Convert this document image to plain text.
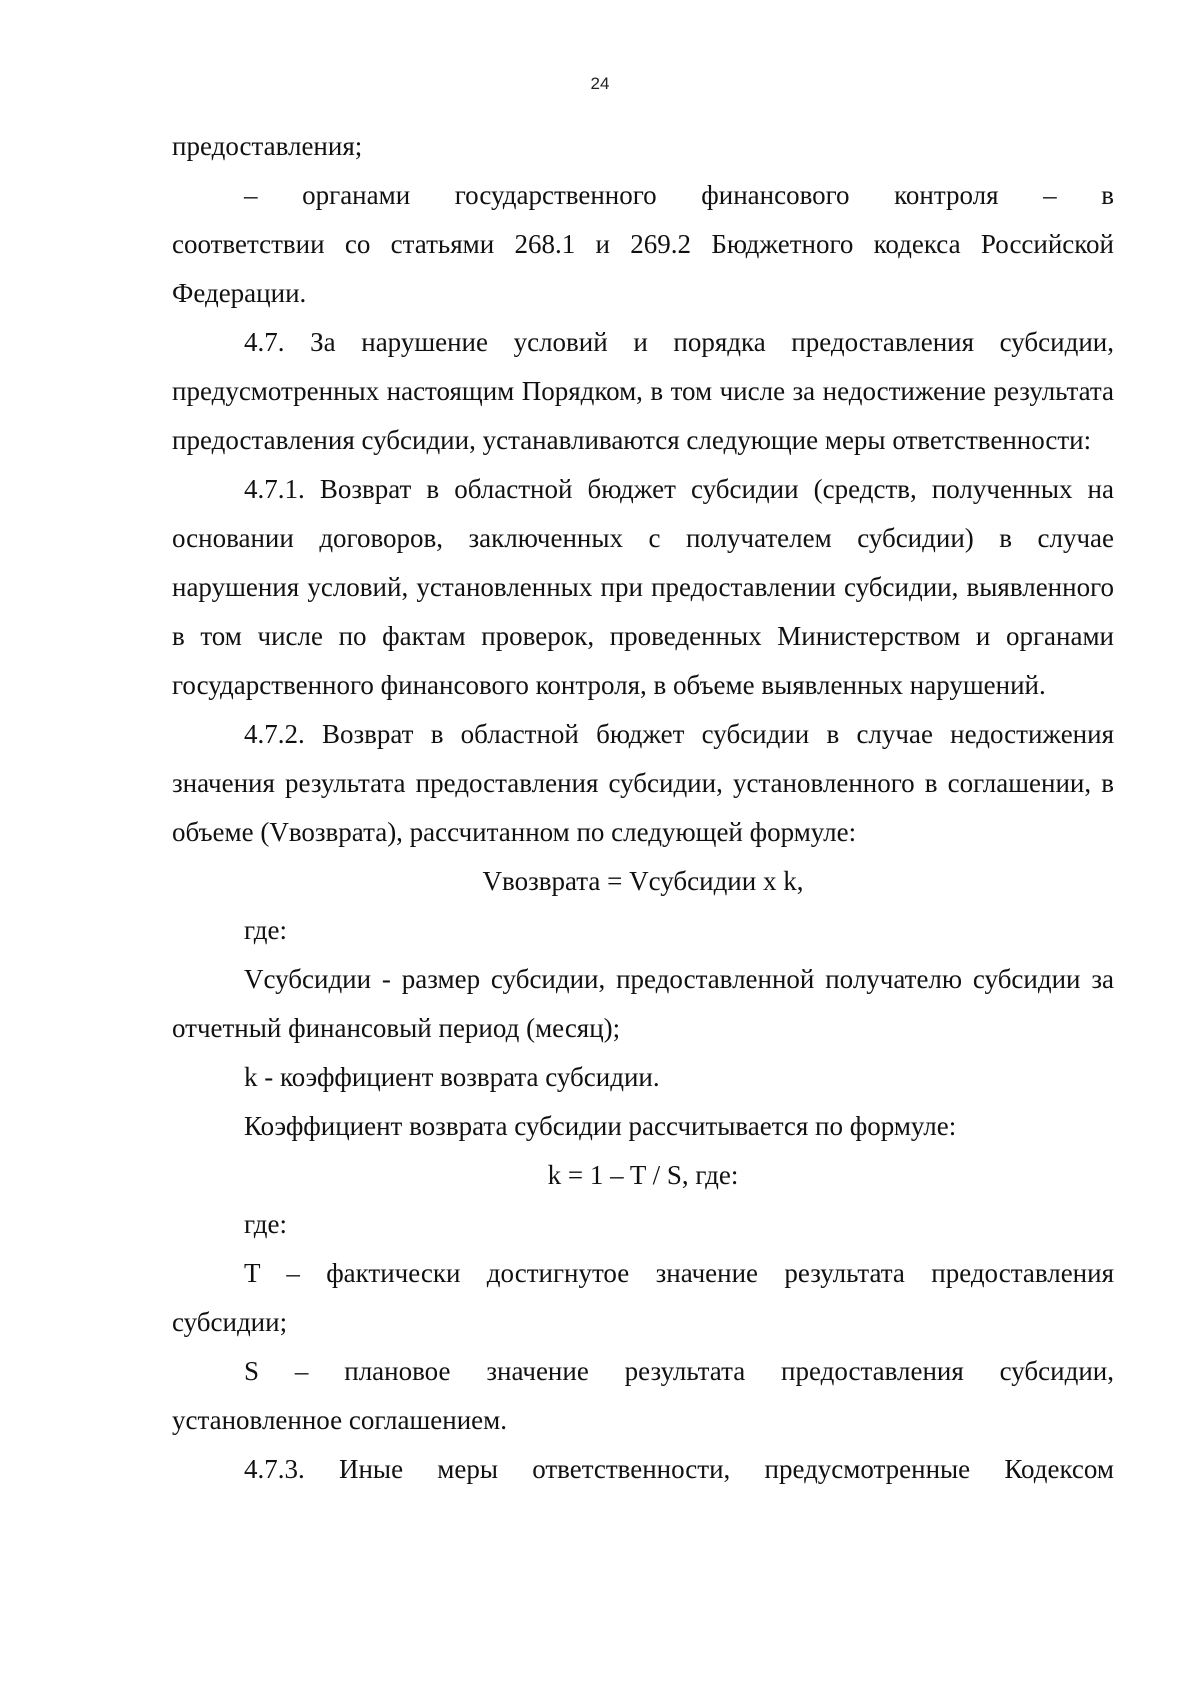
24

предоставления;

– органами государственного финансового контроля – в

соответствии со статьями 268.1 и 269.2 Бюджетного кодекса Российской Федерации.

4.7. За нарушение условий и порядка предоставления субсидии, предусмотренных настоящим Порядком, в том числе за недостижение результата предоставления субсидии, устанавливаются следующие меры ответственности:

4.7.1. Возврат в областной бюджет субсидии (средств, полученных на основании договоров, заключенных с получателем субсидии) в случае нарушения условий, установленных при предоставлении субсидии, выявленного в том числе по фактам проверок, проведенных Министерством и органами государственного финансового контроля, в объеме выявленных нарушений.

4.7.2. Возврат в областной бюджет субсидии в случае недостижения значения результата предоставления субсидии, установленного в соглашении, в объеме (Vвозврата), рассчитанном по следующей формуле:

Vвозврата = Vсубсидии x k,

где:

Vсубсидии - размер субсидии, предоставленной получателю субсидии за отчетный финансовый период (месяц);

k - коэффициент возврата субсидии.

Коэффициент возврата субсидии рассчитывается по формуле:

k = 1 – T / S, где:

где:

T – фактически достигнутое значение результата предоставления субсидии;

S – плановое значение результата предоставления субсидии, установленное соглашением.

4.7.3. Иные меры ответственности, предусмотренные Кодексом
